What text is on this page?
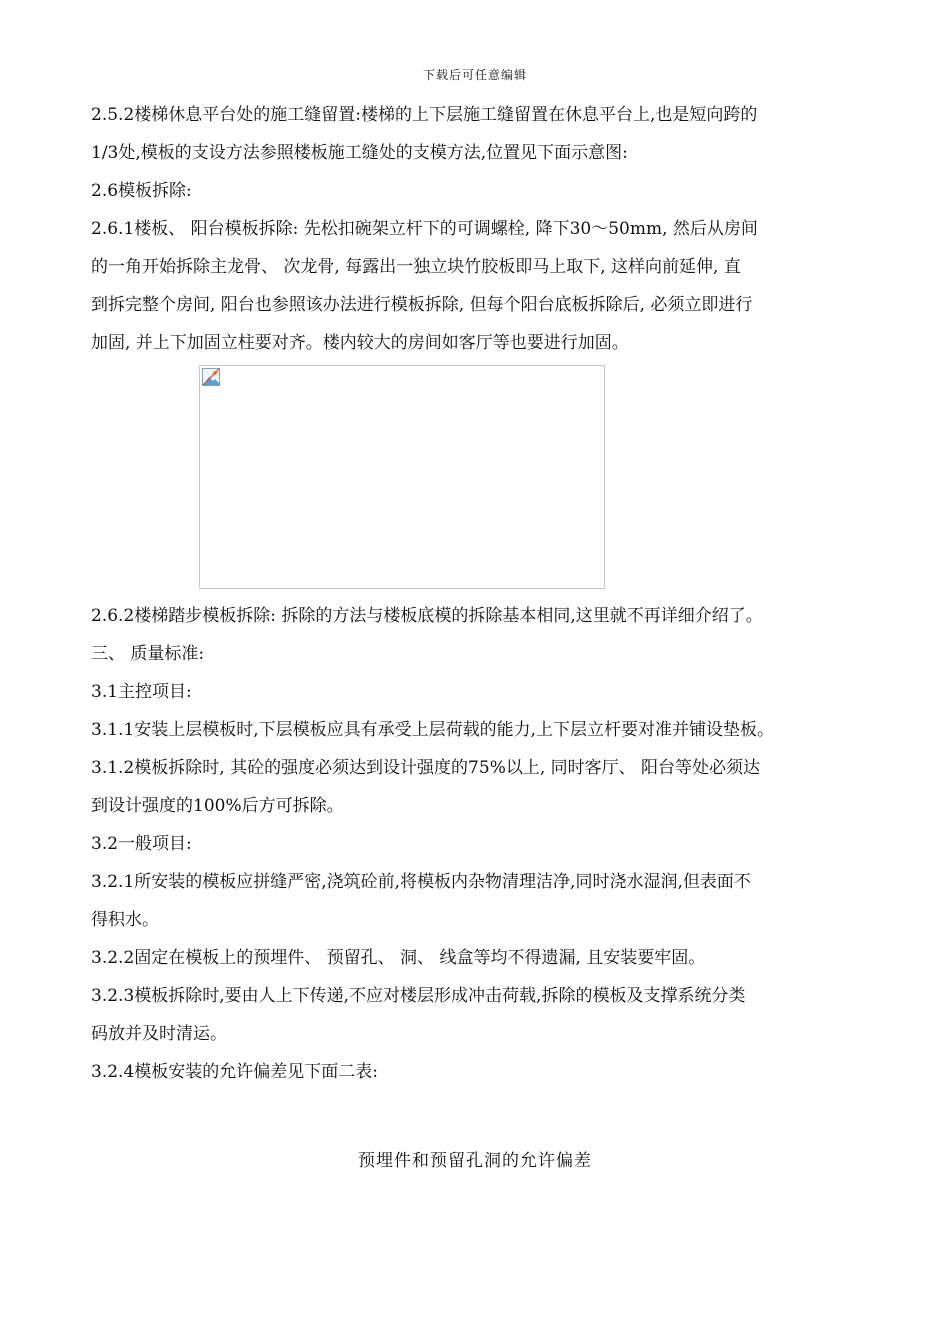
下载后可任意编辑
2.5.2楼梯休息平台处的施工缝留置:楼梯的上下层施工缝留置在休息平台上,也是短向跨的
1/3处,模板的支设方法参照楼板施工缝处的支模方法,位置见下面示意图:
2.6模板拆除:
2.6.1楼板、 阳台模板拆除: 先松扣碗架立杆下的可调螺栓, 降下30～50mm, 然后从房间
的一角开始拆除主龙骨、 次龙骨, 每露出一独立块竹胶板即马上取下, 这样向前延伸, 直
到拆完整个房间, 阳台也参照该办法进行模板拆除, 但每个阳台底板拆除后, 必须立即进行
加固, 并上下加固立柱要对齐。楼内较大的房间如客厅等也要进行加固。
2.6.2楼梯踏步模板拆除: 拆除的方法与楼板底模的拆除基本相同,这里就不再详细介绍了。
三、 质量标准:
3.1主控项目:
3.1.1安装上层模板时,下层模板应具有承受上层荷载的能力,上下层立杆要对准并铺设垫板。
3.1.2模板拆除时, 其砼的强度必须达到设计强度的75%以上, 同时客厅、 阳台等处必须达
到设计强度的100%后方可拆除。
3.2一般项目:
3.2.1所安装的模板应拼缝严密,浇筑砼前,将模板内杂物清理洁净,同时浇水湿润,但表面不
得积水。
3.2.2固定在模板上的预埋件、 预留孔、 洞、 线盒等均不得遗漏, 且安装要牢固。
3.2.3模板拆除时,要由人上下传递,不应对楼层形成冲击荷载,拆除的模板及支撑系统分类
码放并及时清运。
3.2.4模板安装的允许偏差见下面二表:
预埋件和预留孔洞的允许偏差
